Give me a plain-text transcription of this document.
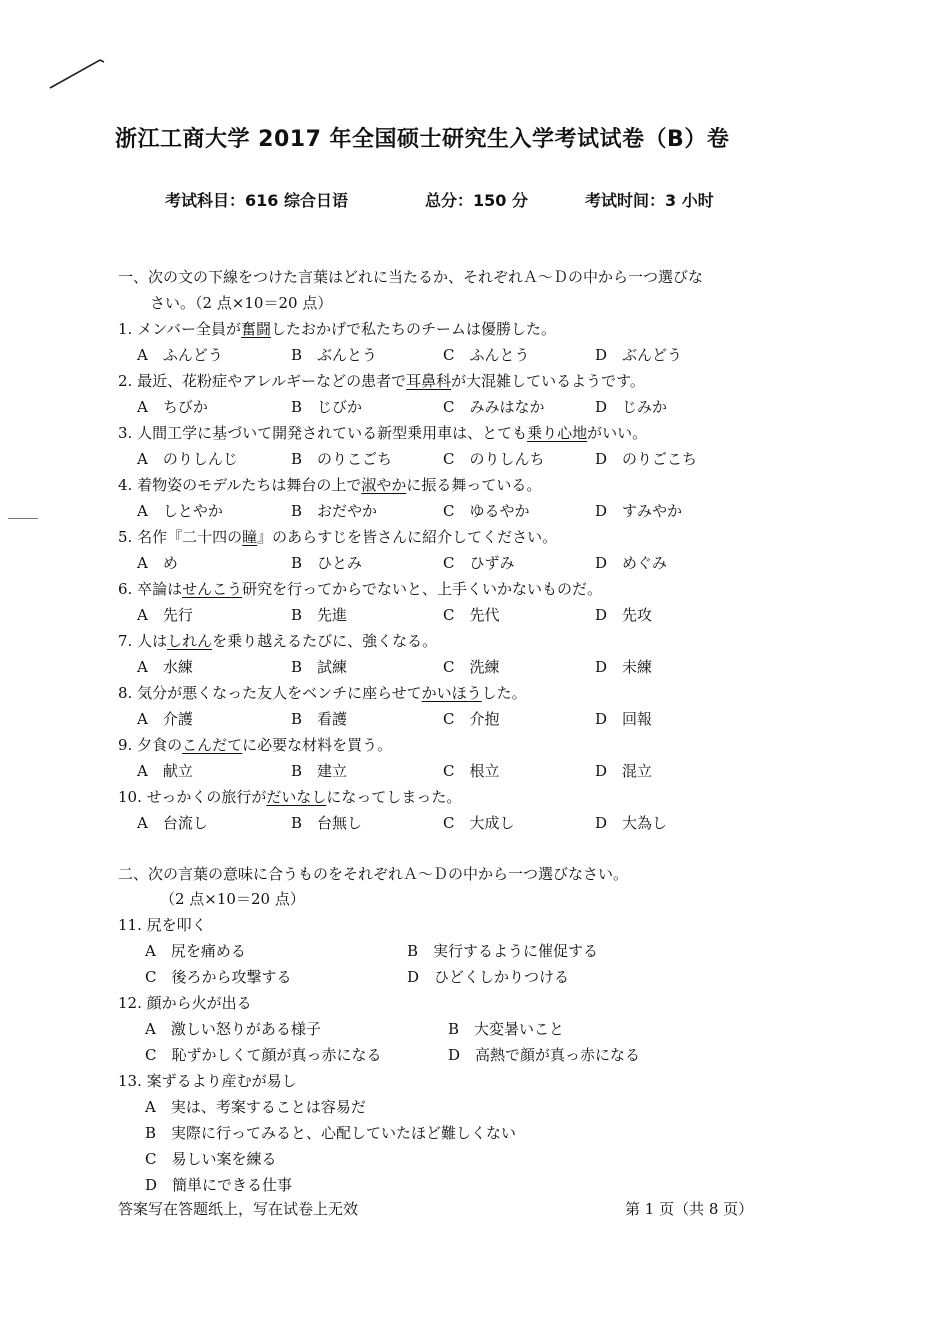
浙江工商大学 2017 年全国硕士研究生入学考试试卷（B）卷
考试科目：616 综合日语	总分：150 分	考试时间：3 小时
一、次の文の下線をつけた言葉はどれに当たるか、それぞれＡ～Ｄの中から一つ選びな
さい。（2 点×10＝20 点）
1. メンバー全員が奮闘したおかげで私たちのチームは優勝した。
A　ふんどう	B　ぶんとう	C　ふんとう	D　ぶんどう
2. 最近、花粉症やアレルギーなどの患者で耳鼻科が大混雑しているようです。
A　ちびか	B　じびか	C　みみはなか	D　じみか
3. 人間工学に基づいて開発されている新型乗用車は、とても乗り心地がいい。
A　のりしんじ	B　のりこごち	C　のりしんち	D　のりごこち
4. 着物姿のモデルたちは舞台の上で淑やかに振る舞っている。
A　しとやか	B　おだやか	C　ゆるやか	D　すみやか
5. 名作『二十四の瞳』のあらすじを皆さんに紹介してください。
A　め	B　ひとみ	C　ひずみ	D　めぐみ
6. 卒論はせんこう研究を行ってからでないと、上手くいかないものだ。
A　先行	B　先進	C　先代	D　先攻
7. 人はしれんを乗り越えるたびに、強くなる。
A　水練	B　試練	C　洗練	D　未練
8. 気分が悪くなった友人をベンチに座らせてかいほうした。
A　介護	B　看護	C　介抱	D　回報
9. 夕食のこんだてに必要な材料を買う。
A　献立	B　建立	C　根立	D　混立
10. せっかくの旅行がだいなしになってしまった。
A　台流し	B　台無し	C　大成し	D　大為し
二、次の言葉の意味に合うものをそれぞれＡ～Ｄの中から一つ選びなさい。
（2 点×10＝20 点）
11. 尻を叩く
A　尻を痛める	B　実行するように催促する
C　後ろから攻撃する	D　ひどくしかりつける
12. 顔から火が出る
A　激しい怒りがある様子	B　大変暑いこと
C　恥ずかしくて顔が真っ赤になる	D　高熱で顔が真っ赤になる
13. 案ずるより産むが易し
A　実は、考案することは容易だ
B　実際に行ってみると、心配していたほど難しくない
C　易しい案を練る
D　簡単にできる仕事
答案写在答题纸上，写在试卷上无效	第 1 页（共 8 页）
